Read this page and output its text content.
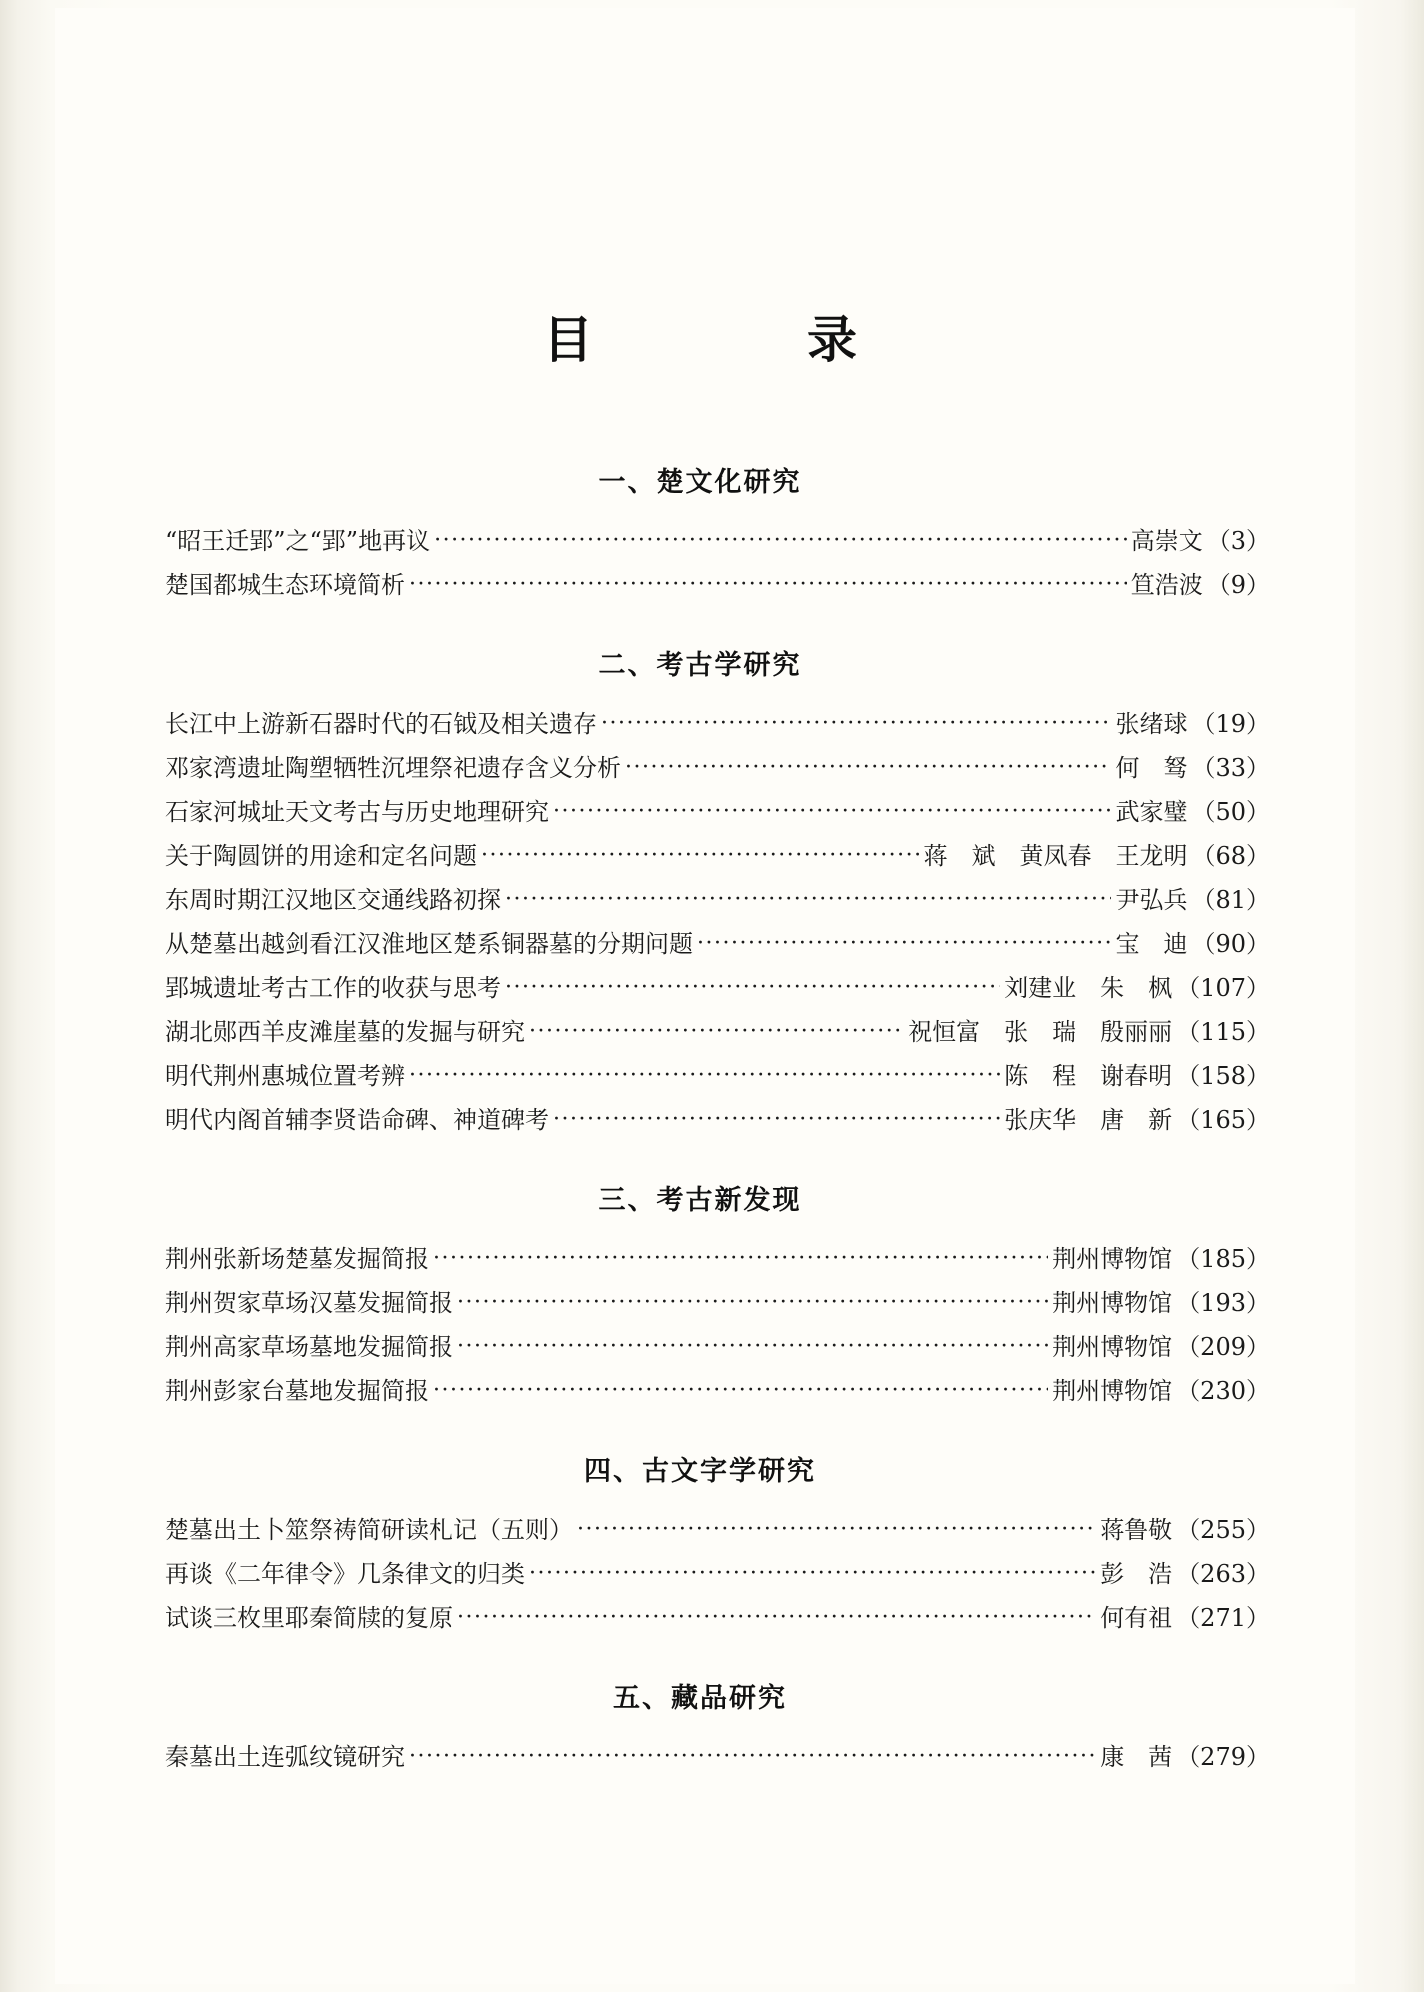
目　　录
一、楚文化研究
“昭王迁郢”之“郢”地再议 ·····	高崇文 （3）
楚国都城生态环境简析 ·····	笪浩波 （9）
二、考古学研究
长江中上游新石器时代的石钺及相关遗存 ·····	张绪球 （19）
邓家湾遗址陶塑牺牲沉埋祭祀遗存含义分析 ·····	何　驽 （33）
石家河城址天文考古与历史地理研究 ·····	武家璧 （50）
关于陶圆饼的用途和定名问题 ·····	蒋　斌　黄凤春　王龙明 （68）
东周时期江汉地区交通线路初探 ·····	尹弘兵 （81）
从楚墓出越剑看江汉淮地区楚系铜器墓的分期问题 ·····	宝　迪 （90）
郢城遗址考古工作的收获与思考 ·····	刘建业　朱　枫 （107）
湖北郧西羊皮滩崖墓的发掘与研究 ·····	祝恒富　张　瑞　殷丽丽 （115）
明代荆州惠城位置考辨 ·····	陈　程　谢春明 （158）
明代内阁首辅李贤诰命碑、神道碑考 ·····	张庆华　唐　新 （165）
三、考古新发现
荆州张新场楚墓发掘简报 ·····	荆州博物馆 （185）
荆州贺家草场汉墓发掘简报 ·····	荆州博物馆 （193）
荆州高家草场墓地发掘简报 ·····	荆州博物馆 （209）
荆州彭家台墓地发掘简报 ·····	荆州博物馆 （230）
四、古文字学研究
楚墓出土卜筮祭祷简研读札记（五则） ·····	蒋鲁敬 （255）
再谈《二年律令》几条律文的归类 ·····	彭　浩 （263）
试谈三枚里耶秦简牍的复原 ·····	何有祖 （271）
五、藏品研究
秦墓出土连弧纹镜研究 ·····	康　茜 （279）
